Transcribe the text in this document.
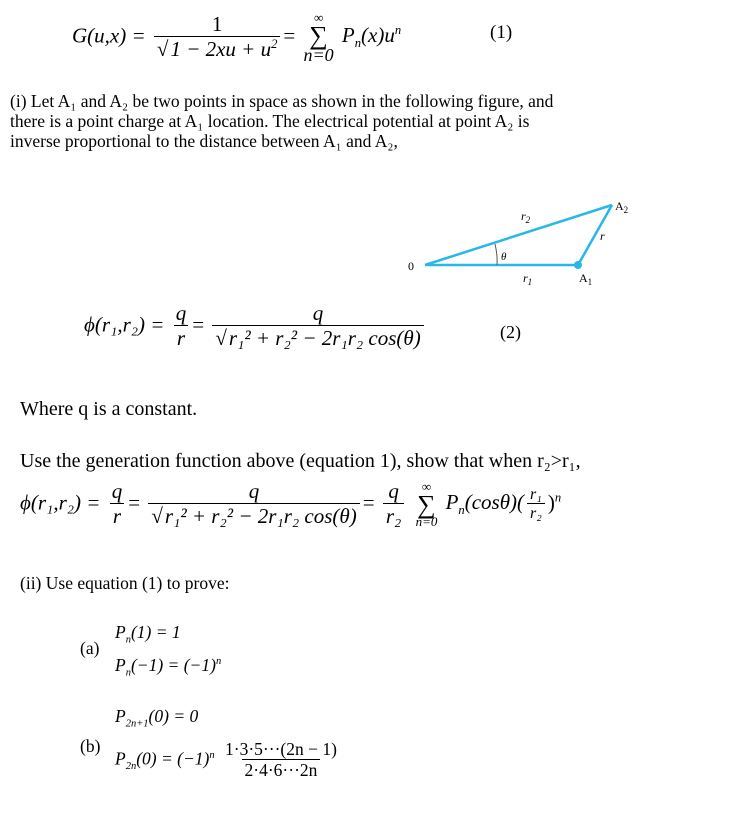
$G(u,x) = \frac{1}{√1 - 2xu + u^2}$ =
∞
∑
n=0
$P_n(x)u^n$	(1)
(i) Let A₁ and A₂ be two points in space as shown in the following figure, and
there is a point charge at A₁ location. The electrical potential at point A₂ is
inverse proportional to the distance between A₁ and A₂,
0
θ
$r_2$
r
$r_1$	$A_1$
$A_2$
$\phi(r_1,r_2) = \frac{q}{r} = \frac{q}{\text{√r₁² + r₂² − 2r₁r₂ cos(θ)}}$	(2)
Where q is a constant.
Use the generation function above (equation 1), show that when r₂>r₁,
$\phi(r_1,r_2) = \frac{q}{r} = \frac{q}{\text{√r₁² + r₂² − 2r₁r₂ cos(θ)}} = \frac{q}{\text{r₂}}$
∞
∑
n=0
$P_n(\cos\theta)( \frac{\text{r₁}}{\text{r₂}} )^n$
(ii) Use equation (1) to prove:
(a)
$P_n(1) = 1$
$P_n(-1) = (-1)^n$
(b)
$P_{2n+1}(0) = 0$
$P_{2n}(0) = (-1)^n \frac{1\cdot 3\cdot 5\cdot\cdot\cdot(2n - 1)}{2\cdot 4\cdot 6\cdot\cdot\cdot 2n}$
